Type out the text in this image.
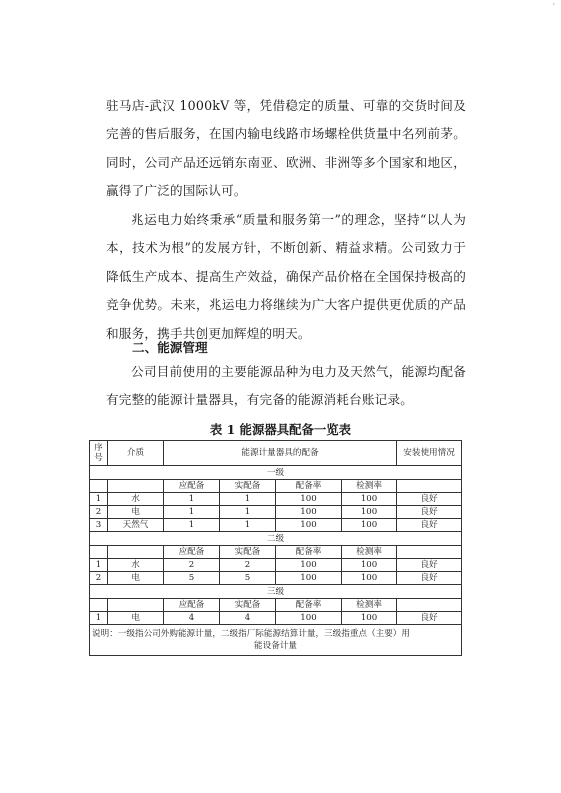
'

驻马店-武汉 1000kV 等，凭借稳定的质量、可靠的交货时间及完善的售后服务，在国内输电线路市场螺栓供货量中名列前茅。同时，公司产品还远销东南亚、欧洲、非洲等多个国家和地区，赢得了广泛的国际认可。

兆运电力始终秉承“质量和服务第一”的理念，坚持“以人为本，技术为根”的发展方针，不断创新、精益求精。公司致力于降低生产成本、提高生产效益，确保产品价格在全国保持极高的竞争优势。未来，兆运电力将继续为广大客户提供更优质的产品和服务，携手共创更加辉煌的明天。

二、能源管理

公司目前使用的主要能源品种为电力及天然气，能源均配备有完整的能源计量器具，有完备的能源消耗台账记录。

表 1 能源器具配备一览表

序号	介质	能源计量器具的配备				安装使用情况
一级						
		应配备	实配备	配备率	检测率	
1	水	1	1	100	100	良好
2	电	1	1	100	100	良好
3	天然气	1	1	100	100	良好
二级						
		应配备	实配备	配备率	检测率	
1	水	2	2	100	100	良好
2	电	5	5	100	100	良好
三级						
		应配备	实配备	配备率	检测率	
1	电	4	4	100	100	良好

说明：一级指公司外购能源计量，二级指厂际能源结算计量，三级指重点（主要）用
能设备计量						
